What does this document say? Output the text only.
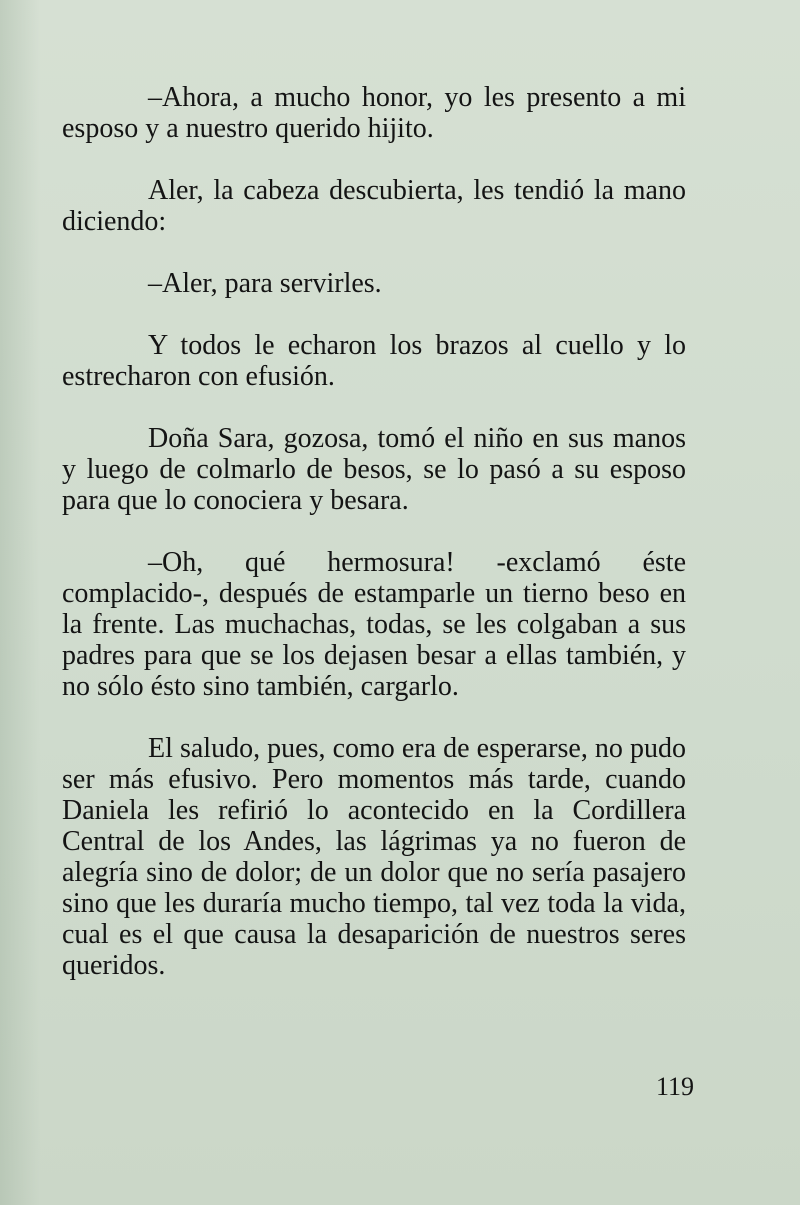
–Ahora, a mucho honor, yo les presento a mi esposo y a nuestro querido hijito.

Aler, la cabeza descubierta, les tendió la mano diciendo:

–Aler, para servirles.

Y todos le echaron los brazos al cuello y lo estrecharon con efusión.

Doña Sara, gozosa, tomó el niño en sus manos y luego de colmarlo de besos, se lo pasó a su esposo para que lo conociera y besara.

–Oh, qué hermosura! -exclamó éste complacido-, después de estamparle un tierno beso en la frente. Las muchachas, todas, se les colgaban a sus padres para que se los dejasen besar a ellas también, y no sólo ésto sino también, cargarlo.

El saludo, pues, como era de esperarse, no pudo ser más efusivo. Pero momentos más tarde, cuando Daniela les refirió lo acontecido en la Cordillera Central de los Andes, las lágrimas ya no fueron de alegría sino de dolor; de un dolor que no sería pasajero sino que les duraría mucho tiempo, tal vez toda la vida, cual es el que causa la desaparición de nuestros seres queridos.

119
